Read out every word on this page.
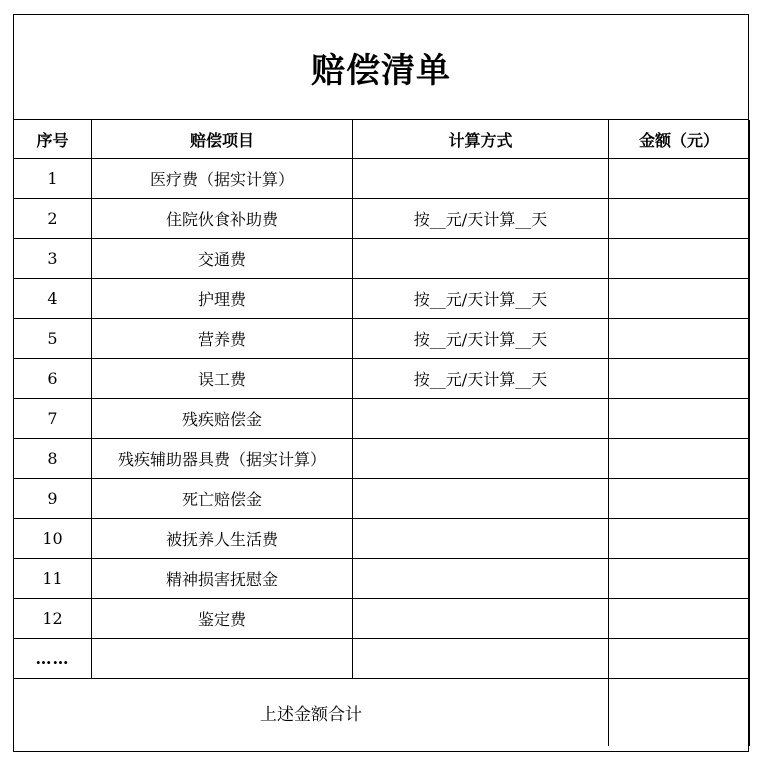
赔偿清单
序号	赔偿项目	计算方式	金额（元）
1	医疗费（据实计算）		
2	住院伙食补助费	按__元/天计算__天	
3	交通费		
4	护理费	按__元/天计算__天	
5	营养费	按__元/天计算__天	
6	误工费	按__元/天计算__天	
7	残疾赔偿金		
8	残疾辅助器具费（据实计算）		
9	死亡赔偿金		
10	被抚养人生活费		
11	精神损害抚慰金		
12	鉴定费		
……			
上述金额合计			
